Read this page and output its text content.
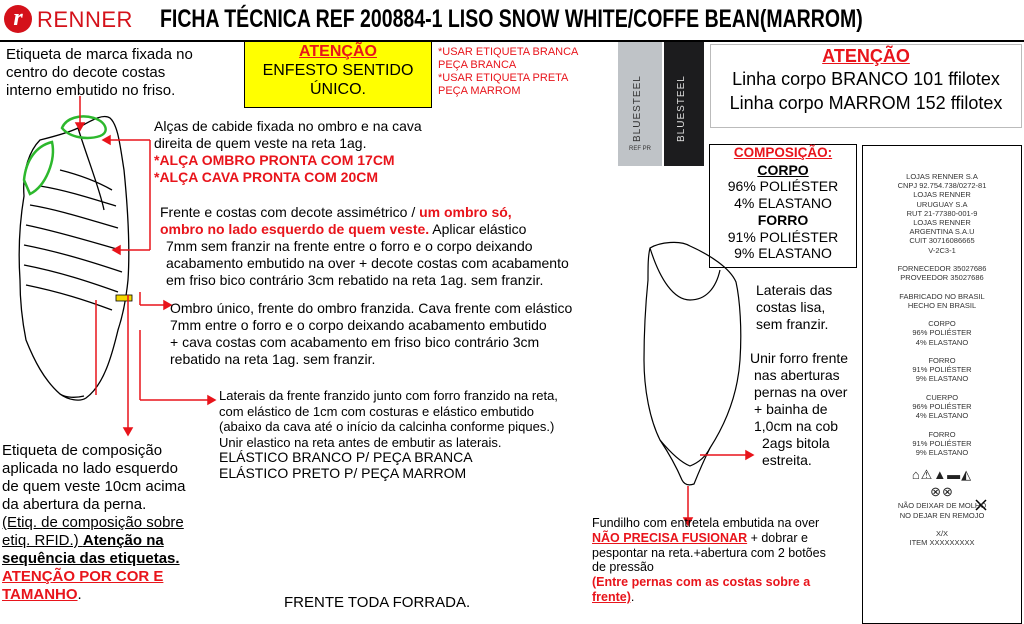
r RENNER FICHA TÉCNICA REF 200884-1 LISO SNOW WHITE/COFFE BEAN(MARROM)
Etiqueta de marca fixada no
centro do decote costas
interno embutido no friso.
ATENÇÃO
ENFESTO SENTIDO
ÚNICO.
*USAR ETIQUETA BRANCA
PEÇA BRANCA
*USAR ETIQUETA PRETA
PEÇA MARROM	BLUESTEEL
REF PR
BLUESTEEL
ATENÇÃO
Linha corpo BRANCO 101 ffilotex
Linha corpo MARROM 152 ffilotex
Alças de cabide fixada no ombro e na cava
direita de quem veste na reta 1ag.
*ALÇA OMBRO PRONTA COM 17CM
*ALÇA CAVA PRONTA COM 20CM
Frente e costas com decote assimétrico / um ombro só,
ombro no lado esquerdo de quem veste. Aplicar elástico
7mm sem franzir na frente entre o forro e o corpo deixando
acabamento embutido na over + decote costas com acabamento
em friso bico contrário 3cm rebatido na reta 1ag. sem franzir.
Ombro único, frente do ombro franzida. Cava frente com elástico
7mm entre o forro e o corpo deixando acabamento embutido
+ cava costas com acabamento em friso bico contrário 3cm
rebatido na reta 1ag. sem franzir.
Laterais da frente franzido junto com forro franzido na reta,
com elástico de 1cm com costuras e elástico embutido
(abaixo da cava até o início da calcinha conforme piques.)
Unir elastico na reta antes de embutir as laterais.
ELÁSTICO BRANCO P/ PEÇA BRANCA
ELÁSTICO PRETO P/ PEÇA MARROM
Etiqueta de composição
aplicada no lado esquerdo
de quem veste 10cm acima
da abertura da perna.
(Etiq. de composição sobre
etiq. RFID.) Atenção na
sequência das etiquetas.
ATENÇÃO POR COR E
TAMANHO.	FRENTE TODA FORRADA.
COMPOSIÇÃO:
CORPO
96% POLIÉSTER
4% ELASTANO
FORRO
91% POLIÉSTER
9% ELASTANO
Laterais das
costas lisa,
sem franzir.
Unir forro frente
nas aberturas
pernas na over
+ bainha de
1,0cm na cob
2ags bitola
estreita.
Fundilho com entretela embutida na over
NÃO PRECISA FUSIONAR + dobrar e
pespontar na reta.+abertura com 2 botões
de pressão
(Entre pernas com as costas sobre a
frente).
LOJAS RENNER S.A
CNPJ 92.754.738/0272-81
LOJAS RENNER
URUGUAY S.A
RUT 21-77380-001-9
LOJAS RENNER
ARGENTINA S.A.U
CUIT 30716086665
V-2C3-1

FORNECEDOR 35027686
PROVEEDOR 35027686

FABRICADO NO BRASIL
HECHO EN BRASIL

CORPO
96% POLIÉSTER
4% ELASTANO

FORRO
91% POLIÉSTER
9% ELASTANO

CUERPO
96% POLIÉSTER
4% ELASTANO

FORRO
91% POLIÉSTER
9% ELASTANO
⌂⚠▲▬◭
⊗⊗
NÃO DEIXAR DE MOLHO
NO DEJAR EN REMOJO

X/X
ITEM XXXXXXXXX
